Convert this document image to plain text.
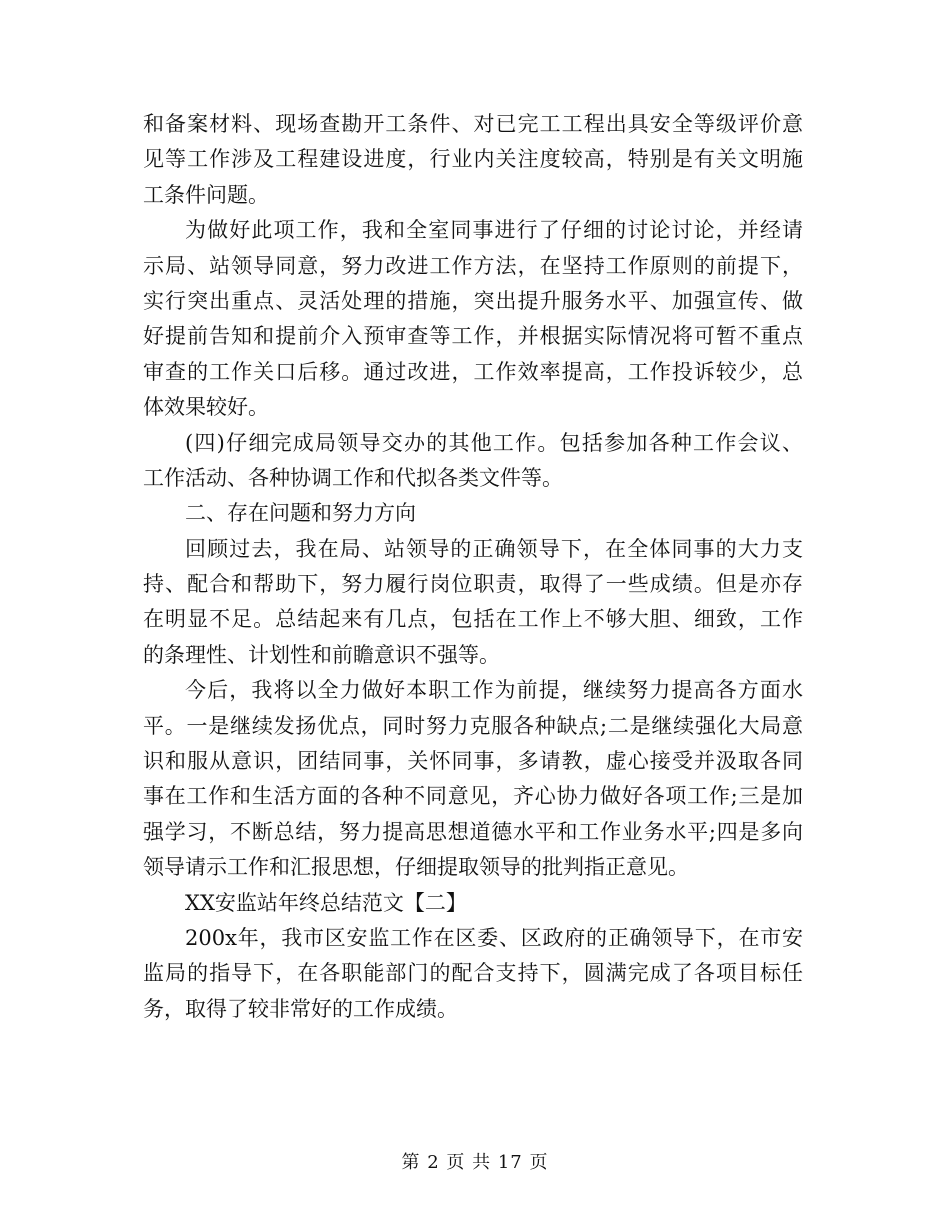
和备案材料、现场查勘开工条件、对已完工工程出具安全等级评价意
见等工作涉及工程建设进度，行业内关注度较高，特别是有关文明施
工条件问题。
为做好此项工作，我和全室同事进行了仔细的讨论讨论，并经请
示局、站领导同意，努力改进工作方法，在坚持工作原则的前提下，
实行突出重点、灵活处理的措施，突出提升服务水平、加强宣传、做
好提前告知和提前介入预审查等工作，并根据实际情况将可暂不重点
审查的工作关口后移。通过改进，工作效率提高，工作投诉较少，总
体效果较好。
(四)仔细完成局领导交办的其他工作。包括参加各种工作会议、
工作活动、各种协调工作和代拟各类文件等。
二、存在问题和努力方向
回顾过去，我在局、站领导的正确领导下，在全体同事的大力支
持、配合和帮助下，努力履行岗位职责，取得了一些成绩。但是亦存
在明显不足。总结起来有几点，包括在工作上不够大胆、细致，工作
的条理性、计划性和前瞻意识不强等。
今后，我将以全力做好本职工作为前提，继续努力提高各方面水
平。一是继续发扬优点，同时努力克服各种缺点;二是继续强化大局意
识和服从意识，团结同事，关怀同事，多请教，虚心接受并汲取各同
事在工作和生活方面的各种不同意见，齐心协力做好各项工作;三是加
强学习，不断总结，努力提高思想道德水平和工作业务水平;四是多向
领导请示工作和汇报思想，仔细提取领导的批判指正意见。
XX安监站年终总结范文【二】
200x年，我市区安监工作在区委、区政府的正确领导下，在市安
监局的指导下，在各职能部门的配合支持下，圆满完成了各项目标任
务，取得了较非常好的工作成绩。
第 2 页 共 17 页
